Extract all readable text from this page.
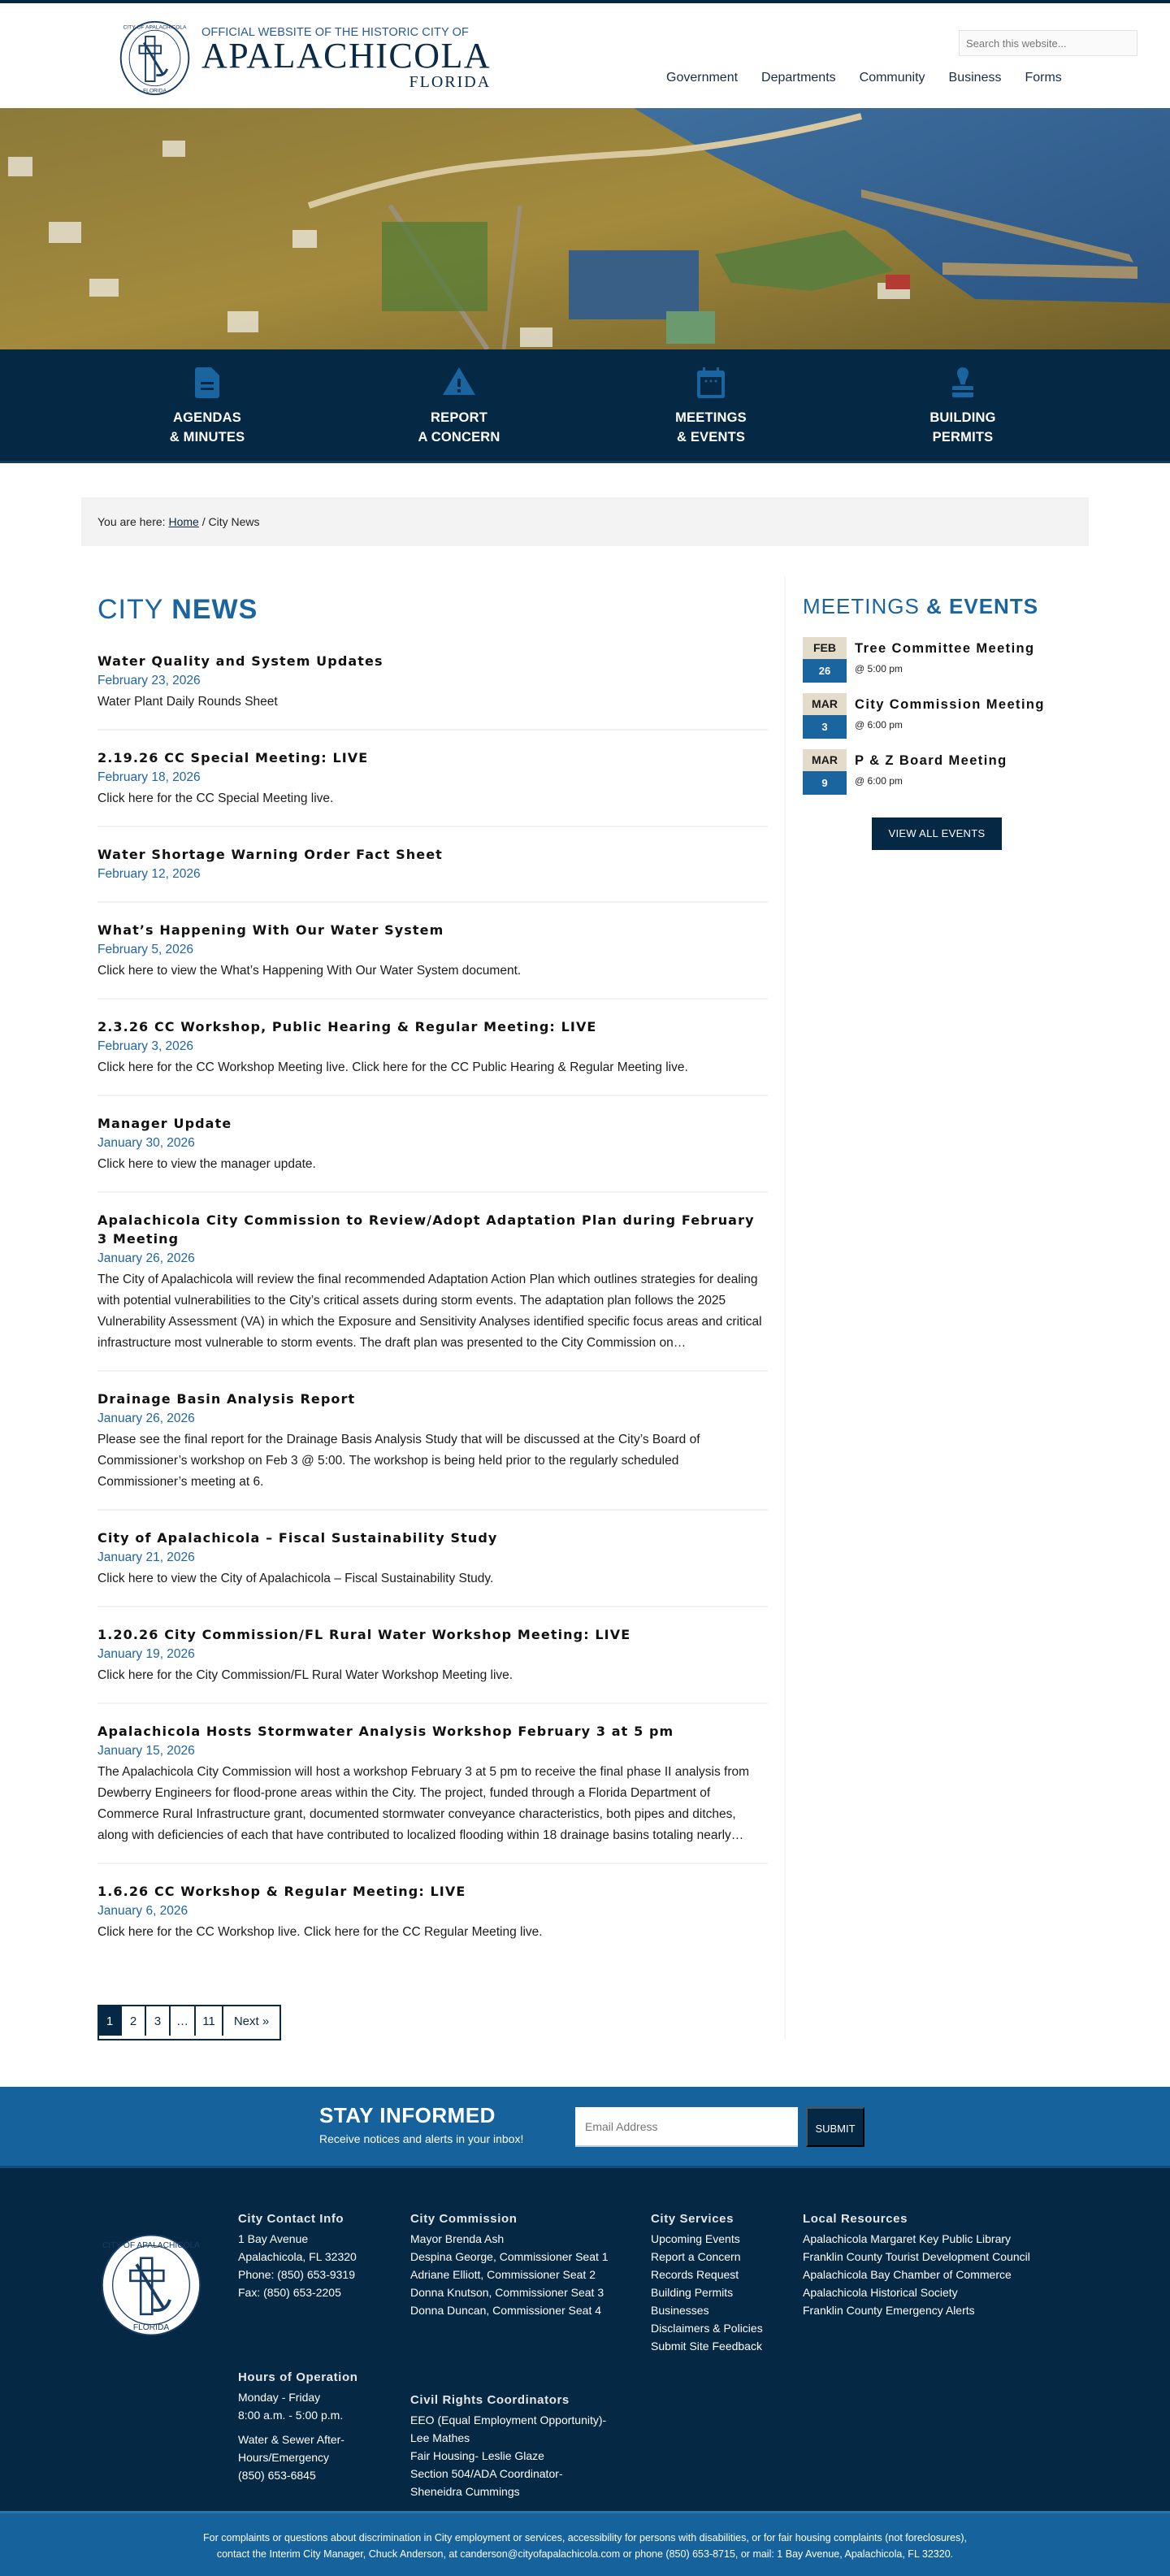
CITY OF APALACHICOLA
FLORIDA
OFFICIAL WEBSITE OF THE HISTORIC CITY OF
APALACHICOLA
FLORIDA
Search this website...	Government Departments Community Business Forms
AGENDAS
& MINUTES
REPORT
A CONCERN
MEETINGS
& EVENTS
BUILDING
PERMITS
You are here: Home / City News
CITY NEWS
Water Quality and System Updates
February 23, 2026

Water Plant Daily Rounds Sheet

2.19.26 CC Special Meeting: LIVE
February 18, 2026

Click here for the CC Special Meeting live.

Water Shortage Warning Order Fact Sheet
February 12, 2026
What’s Happening With Our Water System
February 5, 2026

Click here to view the What’s Happening With Our Water System document.

2.3.26 CC Workshop, Public Hearing & Regular Meeting: LIVE
February 3, 2026

Click here for the CC Workshop Meeting live. Click here for the CC Public Hearing & Regular Meeting live.

Manager Update
January 30, 2026

Click here to view the manager update.

Apalachicola City Commission to Review/Adopt Adaptation Plan during February 3 Meeting
January 26, 2026

The City of Apalachicola will review the final recommended Adaptation Action Plan which outlines strategies for dealing with potential vulnerabilities to the City’s critical assets during storm events. The adaptation plan follows the 2025 Vulnerability Assessment (VA) in which the Exposure and Sensitivity Analyses identified specific focus areas and critical infrastructure most vulnerable to storm events. The draft plan was presented to the City Commission on…

Drainage Basin Analysis Report
January 26, 2026

Please see the final report for the Drainage Basis Analysis Study that will be discussed at the City’s Board of Commissioner’s workshop on Feb 3 @ 5:00. The workshop is being held prior to the regularly scheduled Commissioner’s meeting at 6.

City of Apalachicola – Fiscal Sustainability Study
January 21, 2026

Click here to view the City of Apalachicola – Fiscal Sustainability Study.

1.20.26 City Commission/FL Rural Water Workshop Meeting: LIVE
January 19, 2026

Click here for the City Commission/FL Rural Water Workshop Meeting live.

Apalachicola Hosts Stormwater Analysis Workshop February 3 at 5 pm
January 15, 2026

The Apalachicola City Commission will host a workshop February 3 at 5 pm to receive the final phase II analysis from Dewberry Engineers for flood-prone areas within the City. The project, funded through a Florida Department of Commerce Rural Infrastructure grant, documented stormwater conveyance characteristics, both pipes and ditches, along with deficiencies of each that have contributed to localized flooding within 18 drainage basins totaling nearly…

1.6.26 CC Workshop & Regular Meeting: LIVE
January 6, 2026

Click here for the CC Workshop live. Click here for the CC Regular Meeting live.

1	2	3	…	11	Next »
MEETINGS & EVENTS
FEB
26
Tree Committee Meeting
@ 5:00 pm
MAR
3
City Commission Meeting
@ 6:00 pm
MAR
9
P & Z Board Meeting
@ 6:00 pm
VIEW ALL EVENTS
STAY INFORMED
Receive notices and alerts in your inbox!
Email Address
SUBMIT
CITY OF APALACHICOLA
FLORIDA
City Contact Info
1 Bay Avenue
Apalachicola, FL 32320
Phone: (850) 653-9319
Fax: (850) 653-2205
Hours of Operation
Monday - Friday
8:00 a.m. - 5:00 p.m.
Water & Sewer After-
Hours/Emergency
(850) 653-6845
City Commission
Mayor Brenda Ash
Despina George, Commissioner Seat 1
Adriane Elliott, Commissioner Seat 2
Donna Knutson, Commissioner Seat 3
Donna Duncan, Commissioner Seat 4
Civil Rights Coordinators
EEO (Equal Employment Opportunity)-
Lee Mathes
Fair Housing- Leslie Glaze
Section 504/ADA Coordinator-
Sheneidra Cummings
City Services
Upcoming Events
Report a Concern
Records Request
Building Permits
Businesses
Disclaimers & Policies
Submit Site Feedback
Local Resources
Apalachicola Margaret Key Public Library
Franklin County Tourist Development Council
Apalachicola Bay Chamber of Commerce
Apalachicola Historical Society
Franklin County Emergency Alerts
For complaints or questions about discrimination in City employment or services, accessibility for persons with disabilities, or for fair housing complaints (not foreclosures),
contact the Interim City Manager, Chuck Anderson, at canderson@cityofapalachicola.com or phone (850) 653-8715, or mail: 1 Bay Avenue, Apalachicola, FL 32320.
